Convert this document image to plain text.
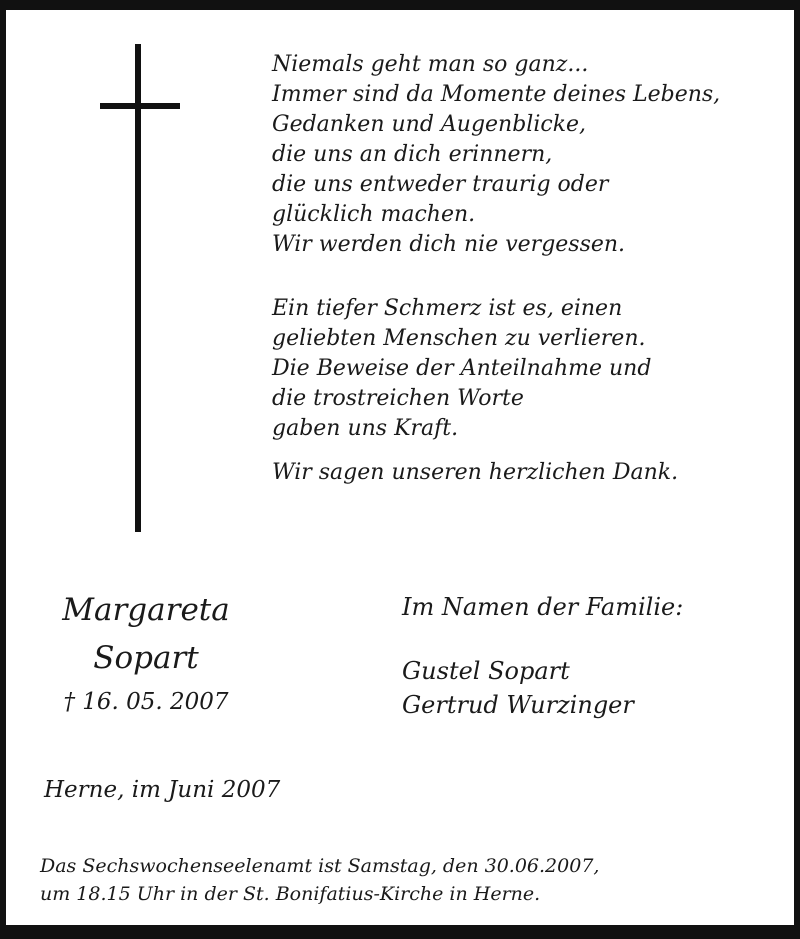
Niemals geht man so ganz...
Immer sind da Momente deines Lebens,
Gedanken und Augenblicke,
die uns an dich erinnern,
die uns entweder traurig oder
glücklich machen.
Wir werden dich nie vergessen.
Ein tiefer Schmerz ist es, einen
geliebten Menschen zu verlieren.
Die Beweise der Anteilnahme und
die trostreichen Worte
gaben uns Kraft.
Wir sagen unseren herzlichen Dank.
Margareta
Sopart
† 16. 05. 2007
Im Namen der Familie:
Gustel Sopart
Gertrud Wurzinger
Herne, im Juni 2007
Das Sechswochenseelenamt ist Samstag, den 30.06.2007,
um 18.15 Uhr in der St. Bonifatius-Kirche in Herne.
